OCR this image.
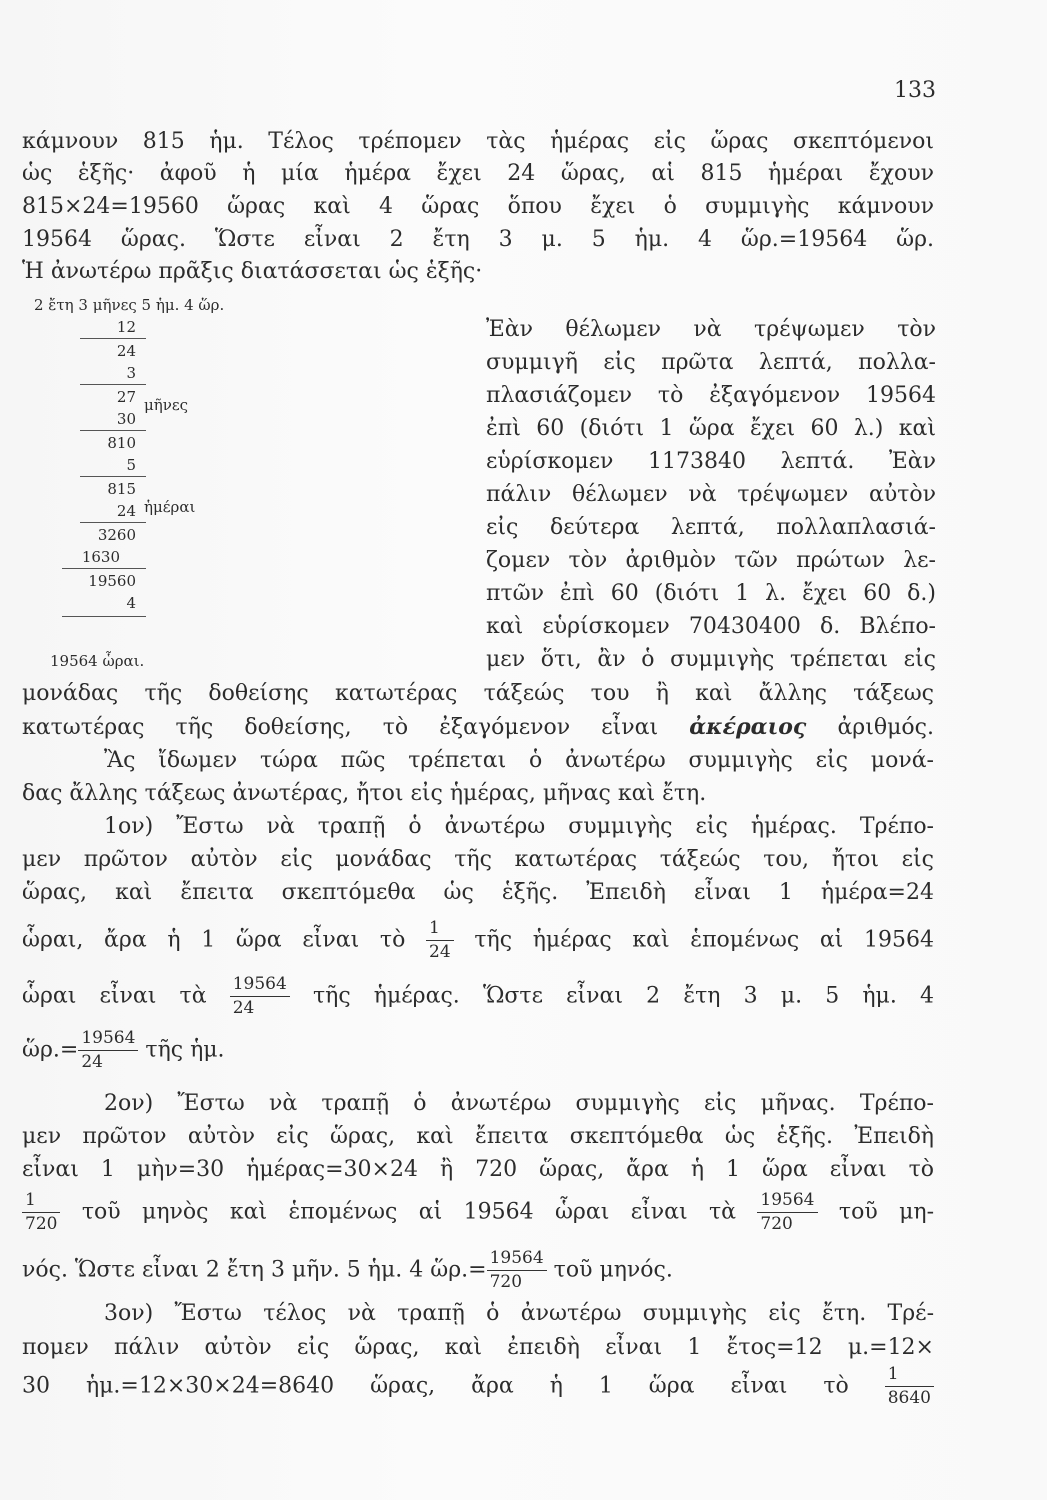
133
κάμνουν 815 ἡμ. Τέλος τρέπομεν τὰς ἡμέρας εἰς ὥρας σκεπτόμενοι
ὡς ἑξῆς· ἀφοῦ ἡ μία ἡμέρα ἔχει 24 ὥρας, αἱ 815 ἡμέραι ἔχουν
815×24=19560 ὥρας καὶ 4 ὥρας ὅπου ἔχει ὁ συμμιγὴς κάμνουν
19564 ὥρας. Ὥστε εἶναι 2 ἔτη 3 μ. 5 ἡμ. 4 ὥρ.=19564 ὥρ.
Ἡ ἀνωτέρω πρᾶξις διατάσσεται ὡς ἑξῆς·
2 ἔτη 3 μῆνες 5 ἡμ. 4 ὥρ.
12
24
3
27 μῆνες
30
810
5
815
ἡμέραι
24
3260
1630
19560
4
19564 ὧραι.
Ἐὰν θέλωμεν νὰ τρέψωμεν τὸν
συμμιγῆ εἰς πρῶτα λεπτά, πολλα-
πλασιάζομεν τὸ ἐξαγόμενον 19564
ἐπὶ 60 (διότι 1 ὥρα ἔχει 60 λ.) καὶ
εὑρίσκομεν 1173840 λεπτά. Ἐὰν
πάλιν θέλωμεν νὰ τρέψωμεν αὐτὸν
εἰς δεύτερα λεπτά, πολλαπλασιά-
ζομεν τὸν ἀριθμὸν τῶν πρώτων λε-
πτῶν ἐπὶ 60 (διότι 1 λ. ἔχει 60 δ.)
καὶ εὑρίσκομεν 70430400 δ. Βλέπο-
μεν ὅτι, ἂν ὁ συμμιγὴς τρέπεται εἰς
μονάδας τῆς δοθείσης κατωτέρας τάξεώς του ἢ καὶ ἄλλης τάξεως
κατωτέρας τῆς δοθείσης, τὸ ἐξαγόμενον εἶναι ἀκέραιος ἀριθμός.
Ἂς ἴδωμεν τώρα πῶς τρέπεται ὁ ἀνωτέρω συμμιγὴς εἰς μονά-
δας ἄλλης τάξεως ἀνωτέρας, ἤτοι εἰς ἡμέρας, μῆνας καὶ ἔτη.
1ον) Ἔστω νὰ τραπῇ ὁ ἀνωτέρω συμμιγὴς εἰς ἡμέρας. Τρέπο-
μεν πρῶτον αὐτὸν εἰς μονάδας τῆς κατωτέρας τάξεώς του, ἤτοι εἰς
ὥρας, καὶ ἔπειτα σκεπτόμεθα ὡς ἑξῆς. Ἐπειδὴ εἶναι 1 ἡμέρα=24
ὧραι, ἄρα ἡ 1 ὥρα εἶναι τὸ $\frac{1}{24}$ τῆς ἡμέρας καὶ ἑπομένως αἱ 19564
ὧραι εἶναι τὰ $\frac{19564}{24}$ τῆς ἡμέρας. Ὥστε εἶναι 2 ἔτη 3 μ. 5 ἡμ. 4
ὥρ.= $\frac{19564}{24}$ τῆς ἡμ.
2ον) Ἔστω νὰ τραπῇ ὁ ἀνωτέρω συμμιγὴς εἰς μῆνας. Τρέπο-
μεν πρῶτον αὐτὸν εἰς ὥρας, καὶ ἔπειτα σκεπτόμεθα ὡς ἑξῆς. Ἐπειδὴ
εἶναι 1 μὴν=30 ἡμέρας=30×24 ἢ 720 ὥρας, ἄρα ἡ 1 ὥρα εἶναι τὸ
$\frac{1}{720}$ τοῦ μηνὸς καὶ ἑπομένως αἱ 19564 ὧραι εἶναι τὰ $\frac{19564}{720}$ τοῦ μη-
νός. Ὥστε εἶναι 2 ἔτη 3 μῆν. 5 ἡμ. 4 ὥρ.= $\frac{19564}{720}$ τοῦ μηνός.
3ον) Ἔστω τέλος νὰ τραπῇ ὁ ἀνωτέρω συμμιγὴς εἰς ἔτη. Τρέ-
πομεν πάλιν αὐτὸν εἰς ὥρας, καὶ ἐπειδὴ εἶναι 1 ἔτος=12 μ.=12×
30 ἡμ.=12×30×24=8640 ὥρας, ἄρα ἡ 1 ὥρα εἶναι τὸ $\frac{1}{8640}$
